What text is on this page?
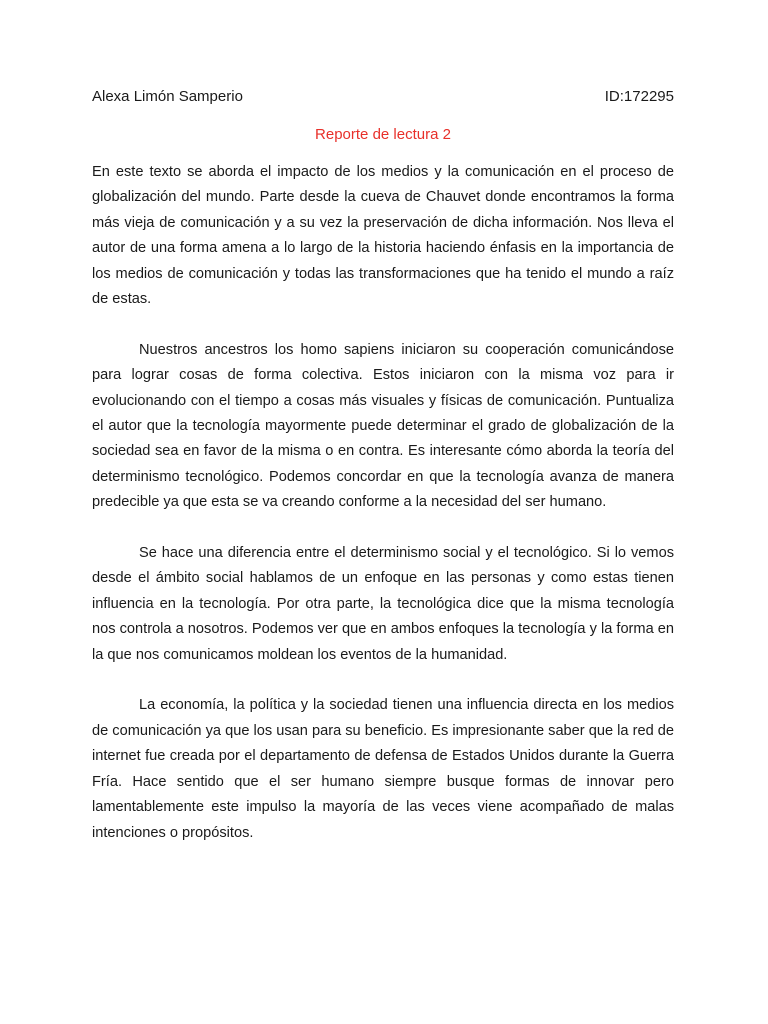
Alexa Limón Samperio	ID:172295
Reporte de lectura 2

En este texto se aborda el impacto de los medios y la comunicación en el proceso de globalización del mundo. Parte desde la cueva de Chauvet donde encontramos la forma más vieja de comunicación y a su vez la preservación de dicha información. Nos lleva el autor de una forma amena a lo largo de la historia haciendo énfasis en la importancia de los medios de comunicación y todas las transformaciones que ha tenido el mundo a raíz de estas.

Nuestros ancestros los homo sapiens iniciaron su cooperación comunicándose para lograr cosas de forma colectiva. Estos iniciaron con la misma voz para ir evolucionando con el tiempo a cosas más visuales y físicas de comunicación. Puntualiza el autor que la tecnología mayormente puede determinar el grado de globalización de la sociedad sea en favor de la misma o en contra. Es interesante cómo aborda la teoría del determinismo tecnológico. Podemos concordar en que la tecnología avanza de manera predecible ya que esta se va creando conforme a la necesidad del ser humano.

Se hace una diferencia entre el determinismo social y el tecnológico. Si lo vemos desde el ámbito social hablamos de un enfoque en las personas y como estas tienen influencia en la tecnología. Por otra parte, la tecnológica dice que la misma tecnología nos controla a nosotros. Podemos ver que en ambos enfoques la tecnología y la forma en la que nos comunicamos moldean los eventos de la humanidad.

La economía, la política y la sociedad tienen una influencia directa en los medios de comunicación ya que los usan para su beneficio. Es impresionante saber que la red de internet fue creada por el departamento de defensa de Estados Unidos durante la Guerra Fría. Hace sentido que el ser humano siempre busque formas de innovar pero lamentablemente este impulso la mayoría de las veces viene acompañado de malas intenciones o propósitos.
